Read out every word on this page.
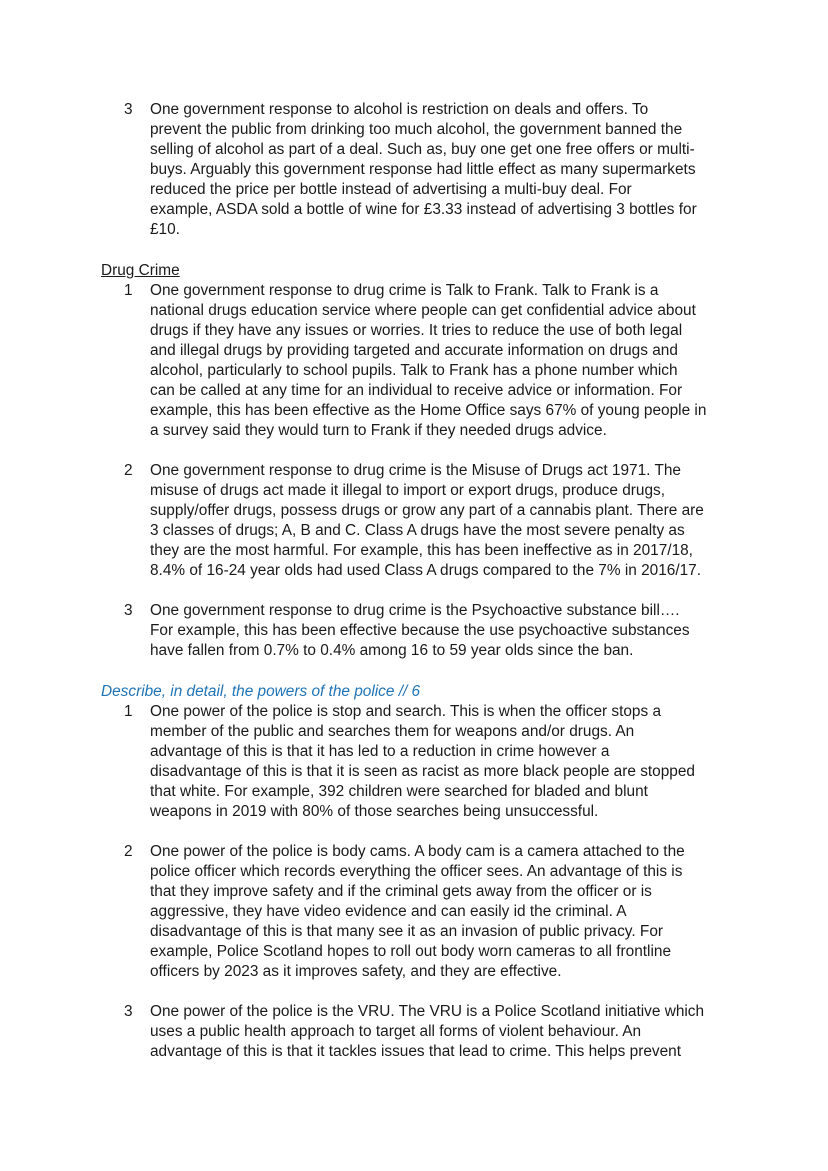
3	One government response to alcohol is restriction on deals and offers. To
prevent the public from drinking too much alcohol, the government banned the
selling of alcohol as part of a deal. Such as, buy one get one free offers or multi-
buys. Arguably this government response had little effect as many supermarkets
reduced the price per bottle instead of advertising a multi-buy deal. For
example, ASDA sold a bottle of wine for £3.33 instead of advertising 3 bottles for
£10.
Drug Crime
1	One government response to drug crime is Talk to Frank. Talk to Frank is a
national drugs education service where people can get confidential advice about
drugs if they have any issues or worries. It tries to reduce the use of both legal
and illegal drugs by providing targeted and accurate information on drugs and
alcohol, particularly to school pupils. Talk to Frank has a phone number which
can be called at any time for an individual to receive advice or information. For
example, this has been effective as the Home Office says 67% of young people in
a survey said they would turn to Frank if they needed drugs advice.
2	One government response to drug crime is the Misuse of Drugs act 1971. The
misuse of drugs act made it illegal to import or export drugs, produce drugs,
supply/offer drugs, possess drugs or grow any part of a cannabis plant. There are
3 classes of drugs; A, B and C. Class A drugs have the most severe penalty as
they are the most harmful. For example, this has been ineffective as in 2017/18,
8.4% of 16-24 year olds had used Class A drugs compared to the 7% in 2016/17.
3	One government response to drug crime is the Psychoactive substance bill….
For example, this has been effective because the use psychoactive substances
have fallen from 0.7% to 0.4% among 16 to 59 year olds since the ban.
Describe, in detail, the powers of the police // 6
1	One power of the police is stop and search. This is when the officer stops a
member of the public and searches them for weapons and/or drugs. An
advantage of this is that it has led to a reduction in crime however a
disadvantage of this is that it is seen as racist as more black people are stopped
that white. For example, 392 children were searched for bladed and blunt
weapons in 2019 with 80% of those searches being unsuccessful.
2	One power of the police is body cams. A body cam is a camera attached to the
police officer which records everything the officer sees. An advantage of this is
that they improve safety and if the criminal gets away from the officer or is
aggressive, they have video evidence and can easily id the criminal. A
disadvantage of this is that many see it as an invasion of public privacy. For
example, Police Scotland hopes to roll out body worn cameras to all frontline
officers by 2023 as it improves safety, and they are effective.
3	One power of the police is the VRU. The VRU is a Police Scotland initiative which
uses a public health approach to target all forms of violent behaviour. An
advantage of this is that it tackles issues that lead to crime. This helps prevent
